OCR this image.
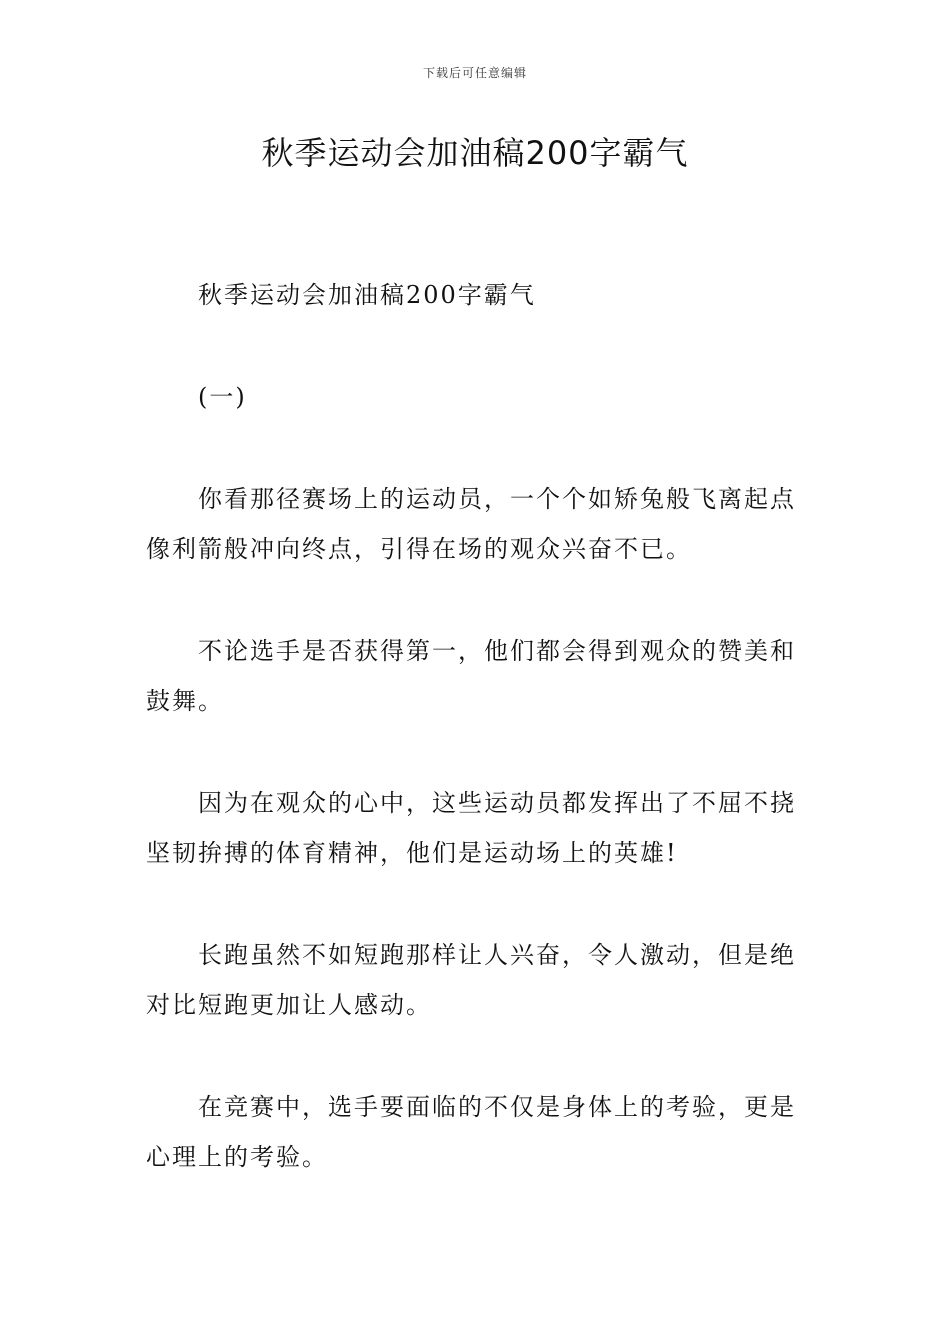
下载后可任意编辑
秋季运动会加油稿200字霸气

秋季运动会加油稿200字霸气

(一)

你看那径赛场上的运动员，一个个如矫兔般飞离起点像利箭般冲向终点，引得在场的观众兴奋不已。

不论选手是否获得第一，他们都会得到观众的赞美和鼓舞。

因为在观众的心中，这些运动员都发挥出了不屈不挠坚韧拚搏的体育精神，他们是运动场上的英雄!

长跑虽然不如短跑那样让人兴奋，令人激动，但是绝对比短跑更加让人感动。

在竞赛中，选手要面临的不仅是身体上的考验，更是心理上的考验。
